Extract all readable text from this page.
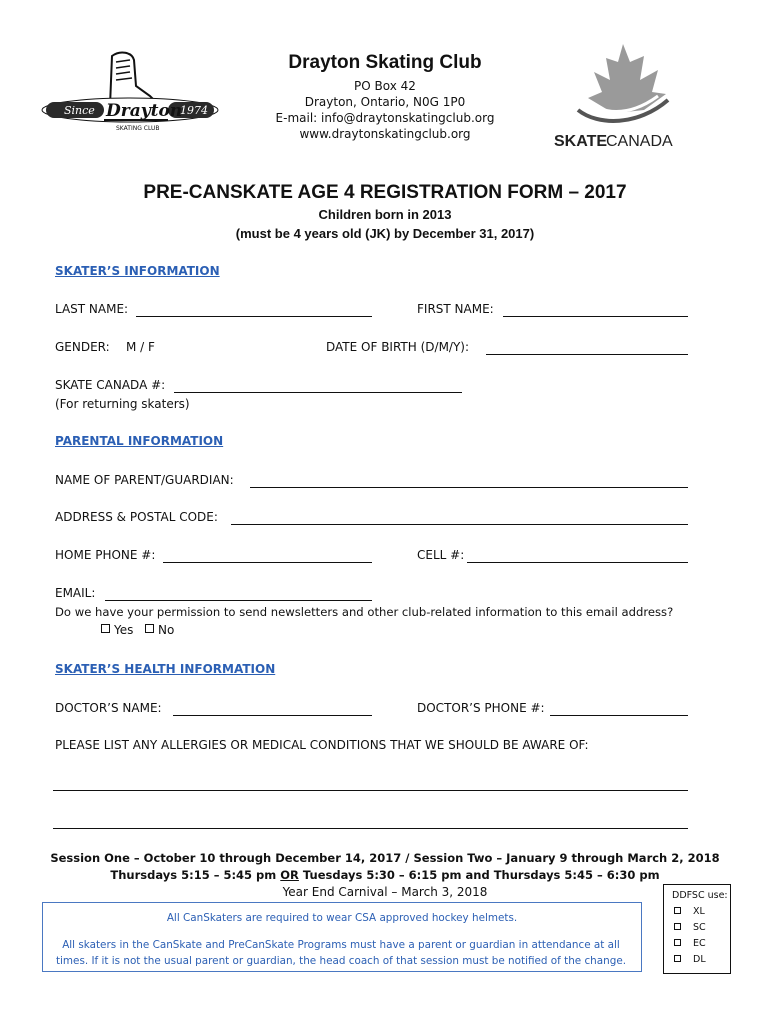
Since	1974
Drayton
SKATING CLUB
Drayton Skating Club
PO Box 42
Drayton, Ontario, N0G 1P0
E-mail: info@draytonskatingclub.org
www.draytonskatingclub.org	SKATE
CANADA
PRE-CANSKATE AGE 4 REGISTRATION FORM – 2017
Children born in 2013
(must be 4 years old (JK) by December 31, 2017)
SKATER’S INFORMATION
LAST NAME:	FIRST NAME:
GENDER: M / F	DATE OF BIRTH (D/M/Y):
SKATE CANADA #:
(For returning skaters)
PARENTAL INFORMATION
NAME OF PARENT/GUARDIAN:
ADDRESS & POSTAL CODE:
HOME PHONE #:	CELL #:
EMAIL:
Do we have your permission to send newsletters and other club-related information to this email address?
Yes	No
SKATER’S HEALTH INFORMATION
DOCTOR’S NAME:	DOCTOR’S PHONE #:
PLEASE LIST ANY ALLERGIES OR MEDICAL CONDITIONS THAT WE SHOULD BE AWARE OF:
Session One – October 10 through December 14, 2017 / Session Two – January 9 through March 2, 2018
Thursdays 5:15 – 5:45 pm OR Tuesdays 5:30 – 6:15 pm and Thursdays 5:45 – 6:30 pm
Year End Carnival – March 3, 2018
All CanSkaters are required to wear CSA approved hockey helmets.
All skaters in the CanSkate and PreCanSkate Programs must have a parent or guardian in attendance at all times. If it is not the usual parent or guardian, the head coach of that session must be notified of the change.
DDFSC use:
XL
SC
EC
DL
